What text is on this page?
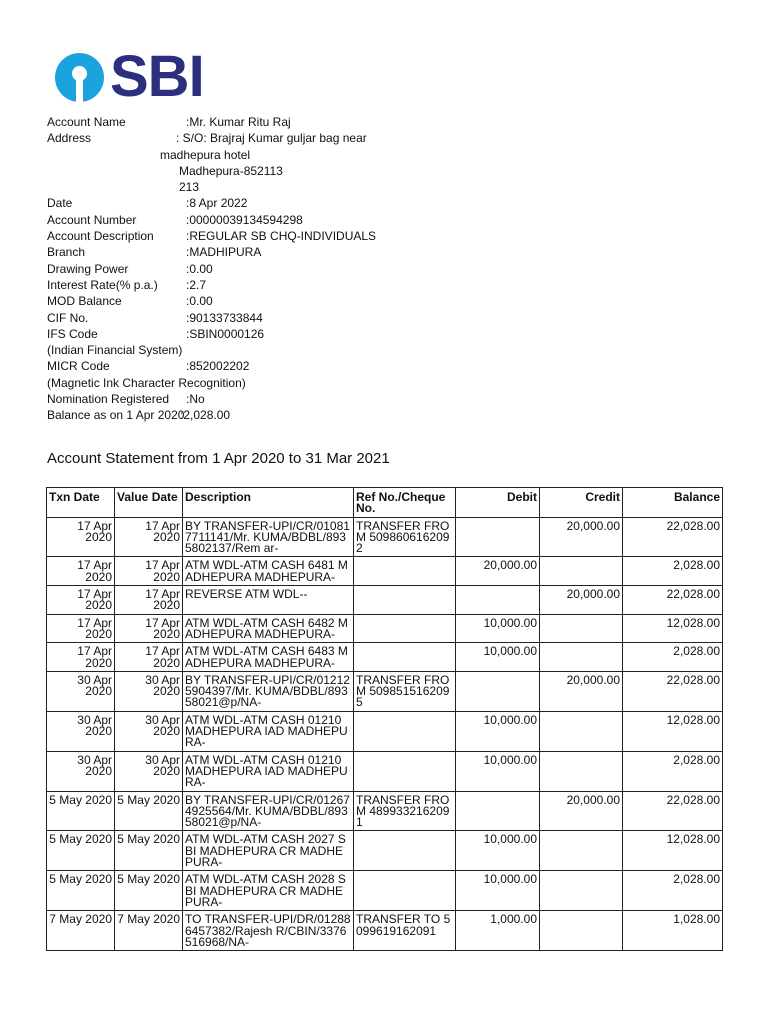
SBI
Account Name	:Mr. Kumar Ritu Raj
Address	: S/O: Brajraj Kumar guljar bag near
madhepura hotel
Madhepura-852113
213
Date	:8 Apr 2022
Account Number	:00000039134594298
Account Description	:REGULAR SB CHQ-INDIVIDUALS
Branch	:MADHIPURA
Drawing Power	:0.00
Interest Rate(% p.a.) :2.7
MOD Balance	:0.00
CIF No.	:90133733844
IFS Code	:SBIN0000126
(Indian Financial System)
MICR Code	:852002202
(Magnetic Ink Character Recognition)
Nomination Registered :No
Balance as on 1 Apr 2020
:2,028.00
Account Statement from 1 Apr 2020 to 31 Mar 2021
Txn Date	Value Date	Description	Ref No./Cheque No.	Debit	Credit	Balance
17 Apr 2020	17 Apr 2020	BY TRANSFER-UPI/CR/010817711141/Mr. KUMA/BDBL/8935802137/Rem ar-	TRANSFER FROM 5098606162092		20,000.00	22,028.00
17 Apr 2020	17 Apr 2020	ATM WDL-ATM CASH 6481 MADHEPURA MADHEPURA-		20,000.00		2,028.00
17 Apr 2020	17 Apr 2020	REVERSE ATM WDL--			20,000.00	22,028.00
17 Apr 2020	17 Apr 2020	ATM WDL-ATM CASH 6482 MADHEPURA MADHEPURA-		10,000.00		12,028.00
17 Apr 2020	17 Apr 2020	ATM WDL-ATM CASH 6483 MADHEPURA MADHEPURA-		10,000.00		2,028.00
30 Apr 2020	30 Apr 2020	BY TRANSFER-UPI/CR/012125904397/Mr. KUMA/BDBL/89358021@p/NA-	TRANSFER FROM 5098515162095		20,000.00	22,028.00
30 Apr 2020	30 Apr 2020	ATM WDL-ATM CASH 01210 MADHEPURA IAD MADHEPURA-		10,000.00		12,028.00
30 Apr 2020	30 Apr 2020	ATM WDL-ATM CASH 01210 MADHEPURA IAD MADHEPURA-		10,000.00		2,028.00
5 May 2020	5 May 2020	BY TRANSFER-UPI/CR/012674925564/Mr. KUMA/BDBL/89358021@p/NA-	TRANSFER FROM 4899332162091		20,000.00	22,028.00
5 May 2020	5 May 2020	ATM WDL-ATM CASH 2027 SBI MADHEPURA CR MADHEPURA-		10,000.00		12,028.00
5 May 2020	5 May 2020	ATM WDL-ATM CASH 2028 SBI MADHEPURA CR MADHEPURA-		10,000.00		2,028.00
7 May 2020	7 May 2020	TO TRANSFER-UPI/DR/012886457382/Rajesh R/CBIN/3376516968/NA-	TRANSFER TO 5099619162091	1,000.00		1,028.00
